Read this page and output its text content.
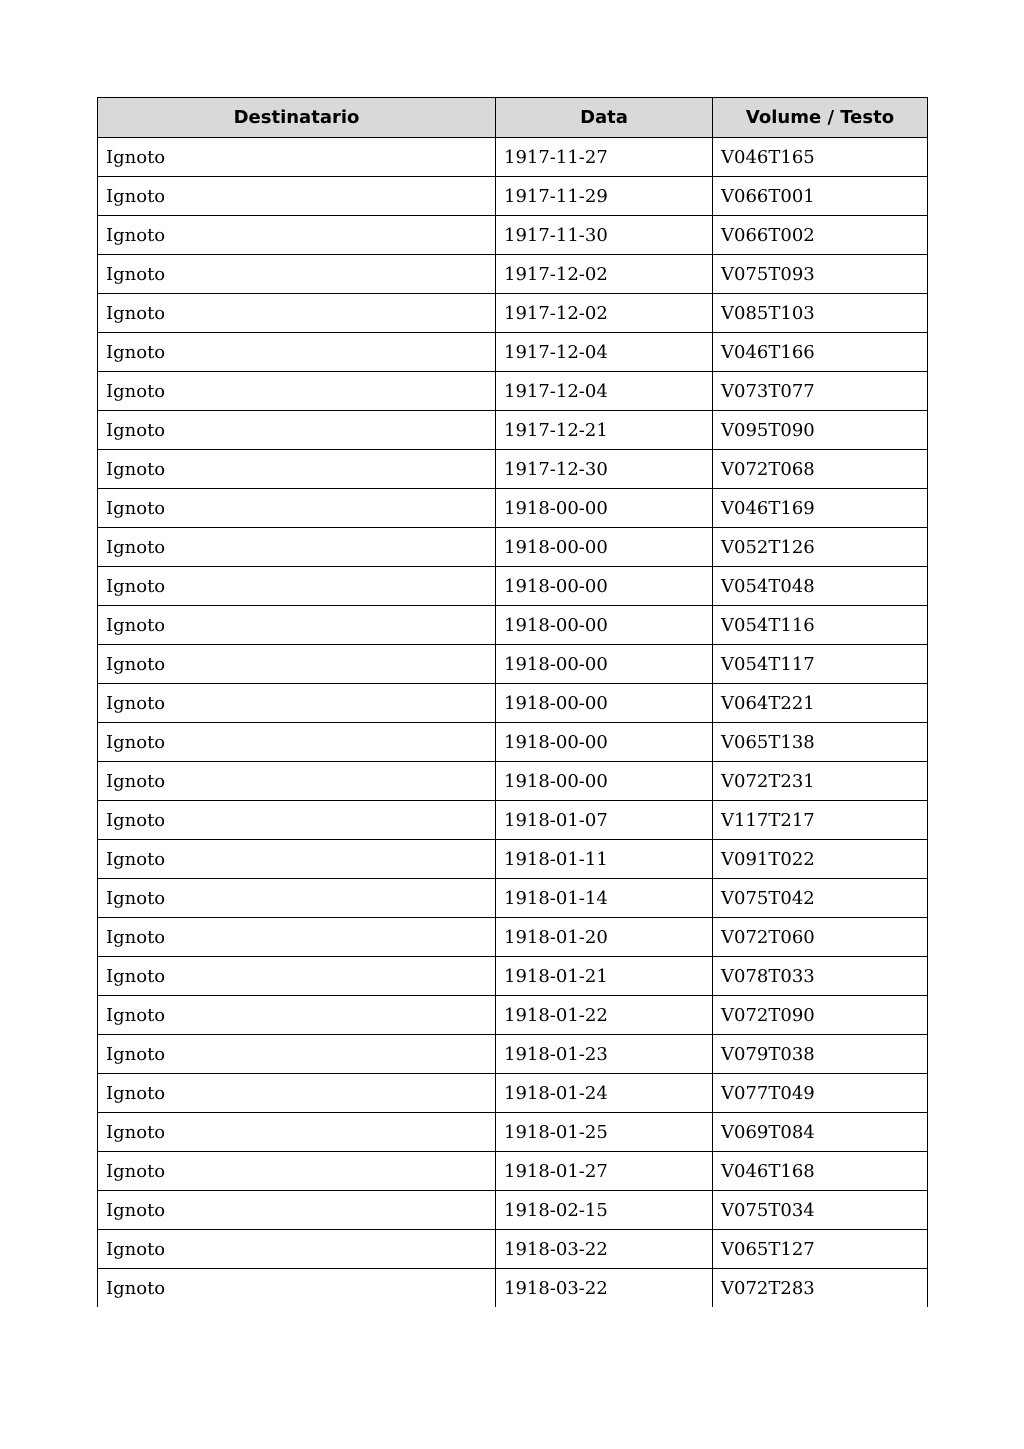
Destinatario	Data	Volume / Testo
Ignoto	1917-11-27	V046T165
Ignoto	1917-11-29	V066T001
Ignoto	1917-11-30	V066T002
Ignoto	1917-12-02	V075T093
Ignoto	1917-12-02	V085T103
Ignoto	1917-12-04	V046T166
Ignoto	1917-12-04	V073T077
Ignoto	1917-12-21	V095T090
Ignoto	1917-12-30	V072T068
Ignoto	1918-00-00	V046T169
Ignoto	1918-00-00	V052T126
Ignoto	1918-00-00	V054T048
Ignoto	1918-00-00	V054T116
Ignoto	1918-00-00	V054T117
Ignoto	1918-00-00	V064T221
Ignoto	1918-00-00	V065T138
Ignoto	1918-00-00	V072T231
Ignoto	1918-01-07	V117T217
Ignoto	1918-01-11	V091T022
Ignoto	1918-01-14	V075T042
Ignoto	1918-01-20	V072T060
Ignoto	1918-01-21	V078T033
Ignoto	1918-01-22	V072T090
Ignoto	1918-01-23	V079T038
Ignoto	1918-01-24	V077T049
Ignoto	1918-01-25	V069T084
Ignoto	1918-01-27	V046T168
Ignoto	1918-02-15	V075T034
Ignoto	1918-03-22	V065T127
Ignoto	1918-03-22	V072T283
